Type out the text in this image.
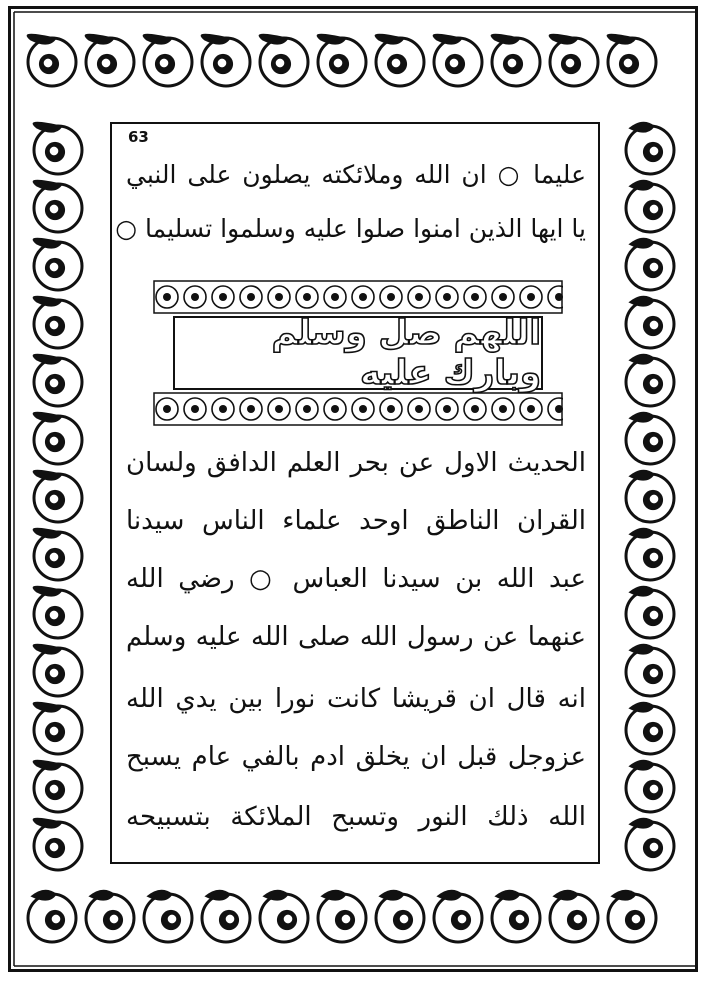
63
عليما ○ ان الله وملائكته يصلون على النبي
يا ايها الذين امنوا صلوا عليه وسلموا تسليما ○
اللهم صل وسلم وبارك عليه
الحديث الاول عن بحر العلم الدافق ولسان
القران الناطق اوحد علماء الناس سيدنا
عبد الله بن سيدنا العباس ○ رضي الله
عنهما عن رسول الله صلى الله عليه وسلم
انه قال ان قريشا كانت نورا بين يدي الله
عزوجل قبل ان يخلق ادم بالفي عام يسبح
الله ذلك النور وتسبح الملائكة بتسبيحه
